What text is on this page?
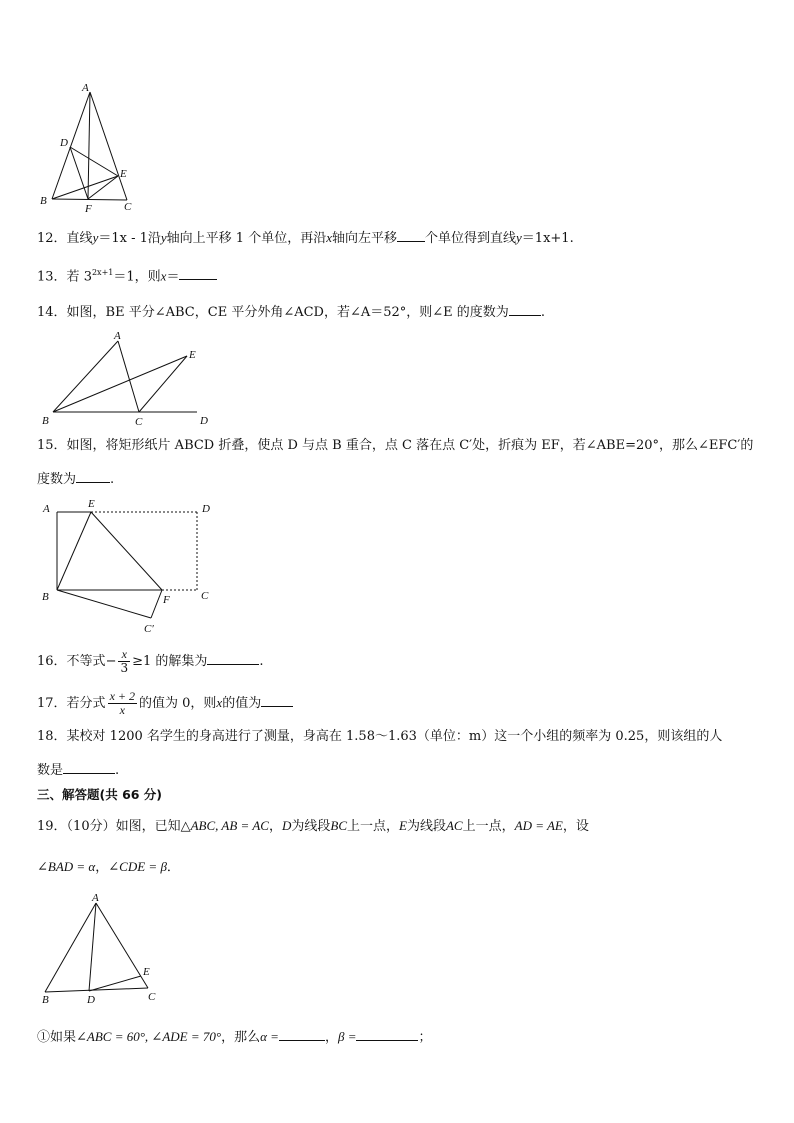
A
D
E
B
F	C
12．直线y＝1x - 1沿y轴向上平移 1 个单位，再沿x轴向左平移 个单位得到直线y＝1x+1.
13．若 $3^{2x+1}=1$，则x＝
14．如图，BE 平分∠ABC，CE 平分外角∠ACD，若∠A＝52°，则∠E 的度数为 .
A
E
B	C	D
15．如图，将矩形纸片 ABCD 折叠，使点 D 与点 B 重合，点 C 落在点 C′处，折痕为 EF，若∠ABE=20°，那么∠EFC′的
度数为	.
A	E	D
B	F	C
C′
16．不等式− $\frac{x}{3} \ge 1$ 的解集为	.
17．若分式 $\frac{x + 2}{x}$ 的值为 0，则x的值为
18．某校对 1200 名学生的身高进行了测量，身高在 1.58～1.63（单位：m）这一个小组的频率为 0.25，则该组的人
数是	.
三、解答题(共 66 分)
19．（10分）如图，已知△ABC, AB = AC，D为线段BC上一点，E为线段AC上一点，AD = AE，设
∠BAD = α，∠CDE = β．
A
E
B	D	C
①如果∠ABC = 60°, ∠ADE = 70°，那么α =	，β =	；
